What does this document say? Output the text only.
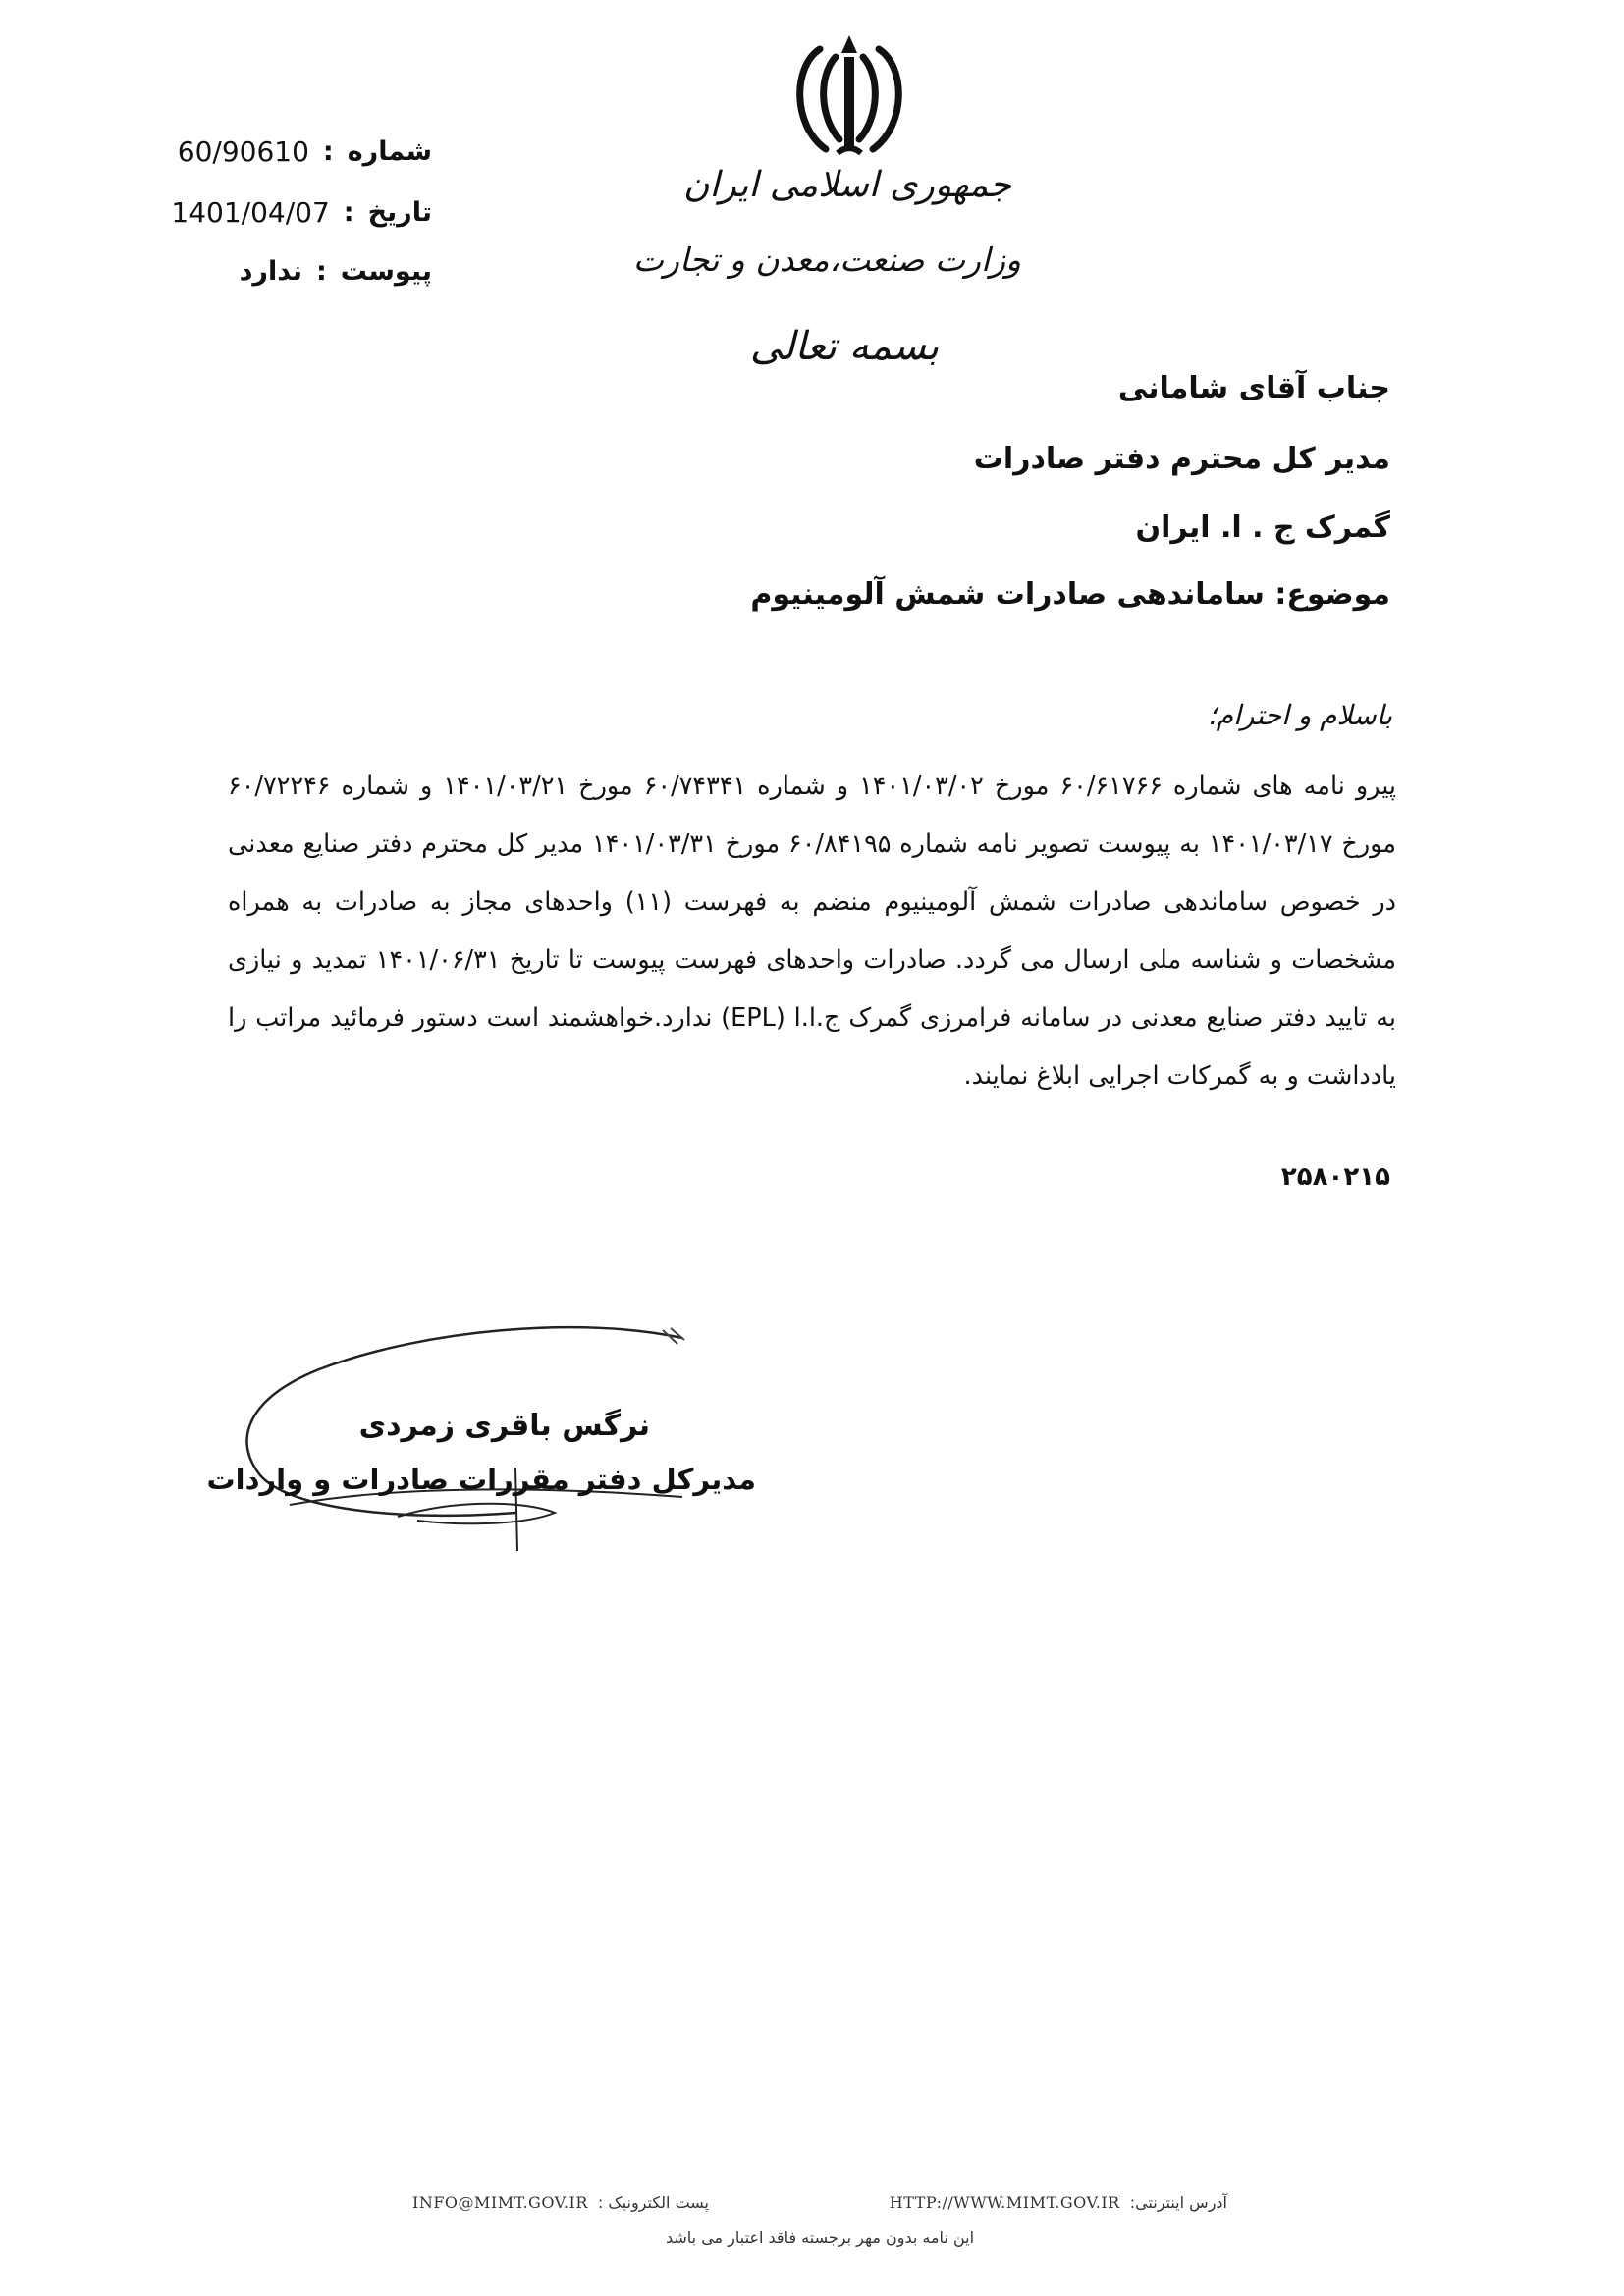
شماره
:
60/90610
تاریخ
:
1401/04/07
پیوست
:
ندارد
جمهوری اسلامی ایران
وزارت صنعت،معدن و تجارت
بسمه تعالی
جناب آقای شامانی
مدیر کل محترم دفتر صادرات
گمرک ج . ا. ایران
موضوع: ساماندهی صادرات شمش آلومینیوم
باسلام و احترام؛
پیرو نامه های شماره ۶۰/۶۱۷۶۶ مورخ ۱۴۰۱/۰۳/۰۲ و شماره ۶۰/۷۴۳۴۱ مورخ ۱۴۰۱/۰۳/۲۱ و شماره ۶۰/۷۲۲۴۶ مورخ ۱۴۰۱/۰۳/۱۷ به پیوست تصویر نامه شماره ۶۰/۸۴۱۹۵ مورخ ۱۴۰۱/۰۳/۳۱ مدیر کل محترم دفتر صنایع معدنی در خصوص ساماندهی صادرات شمش آلومینیوم منضم به فهرست (۱۱) واحدهای مجاز به صادرات به همراه مشخصات و شناسه ملی ارسال می گردد. صادرات واحدهای فهرست پیوست تا تاریخ ۱۴۰۱/۰۶/۳۱ تمدید و نیازی به تایید دفتر صنایع معدنی در سامانه فرامرزی گمرک ج.ا.ا (EPL) ندارد.خواهشمند است دستور فرمائید مراتب را یادداشت و به گمرکات اجرایی ابلاغ نمایند.
۲۵۸۰۲۱۵
نرگس باقری زمردی
مدیرکل دفتر مقررات صادرات و واردات
INFO@MIMT.GOV.IR پست الکترونیک :	HTTP://WWW.MIMT.GOV.IR آدرس اینترنتی:
این نامه بدون مهر برجسته فاقد اعتبار می باشد
